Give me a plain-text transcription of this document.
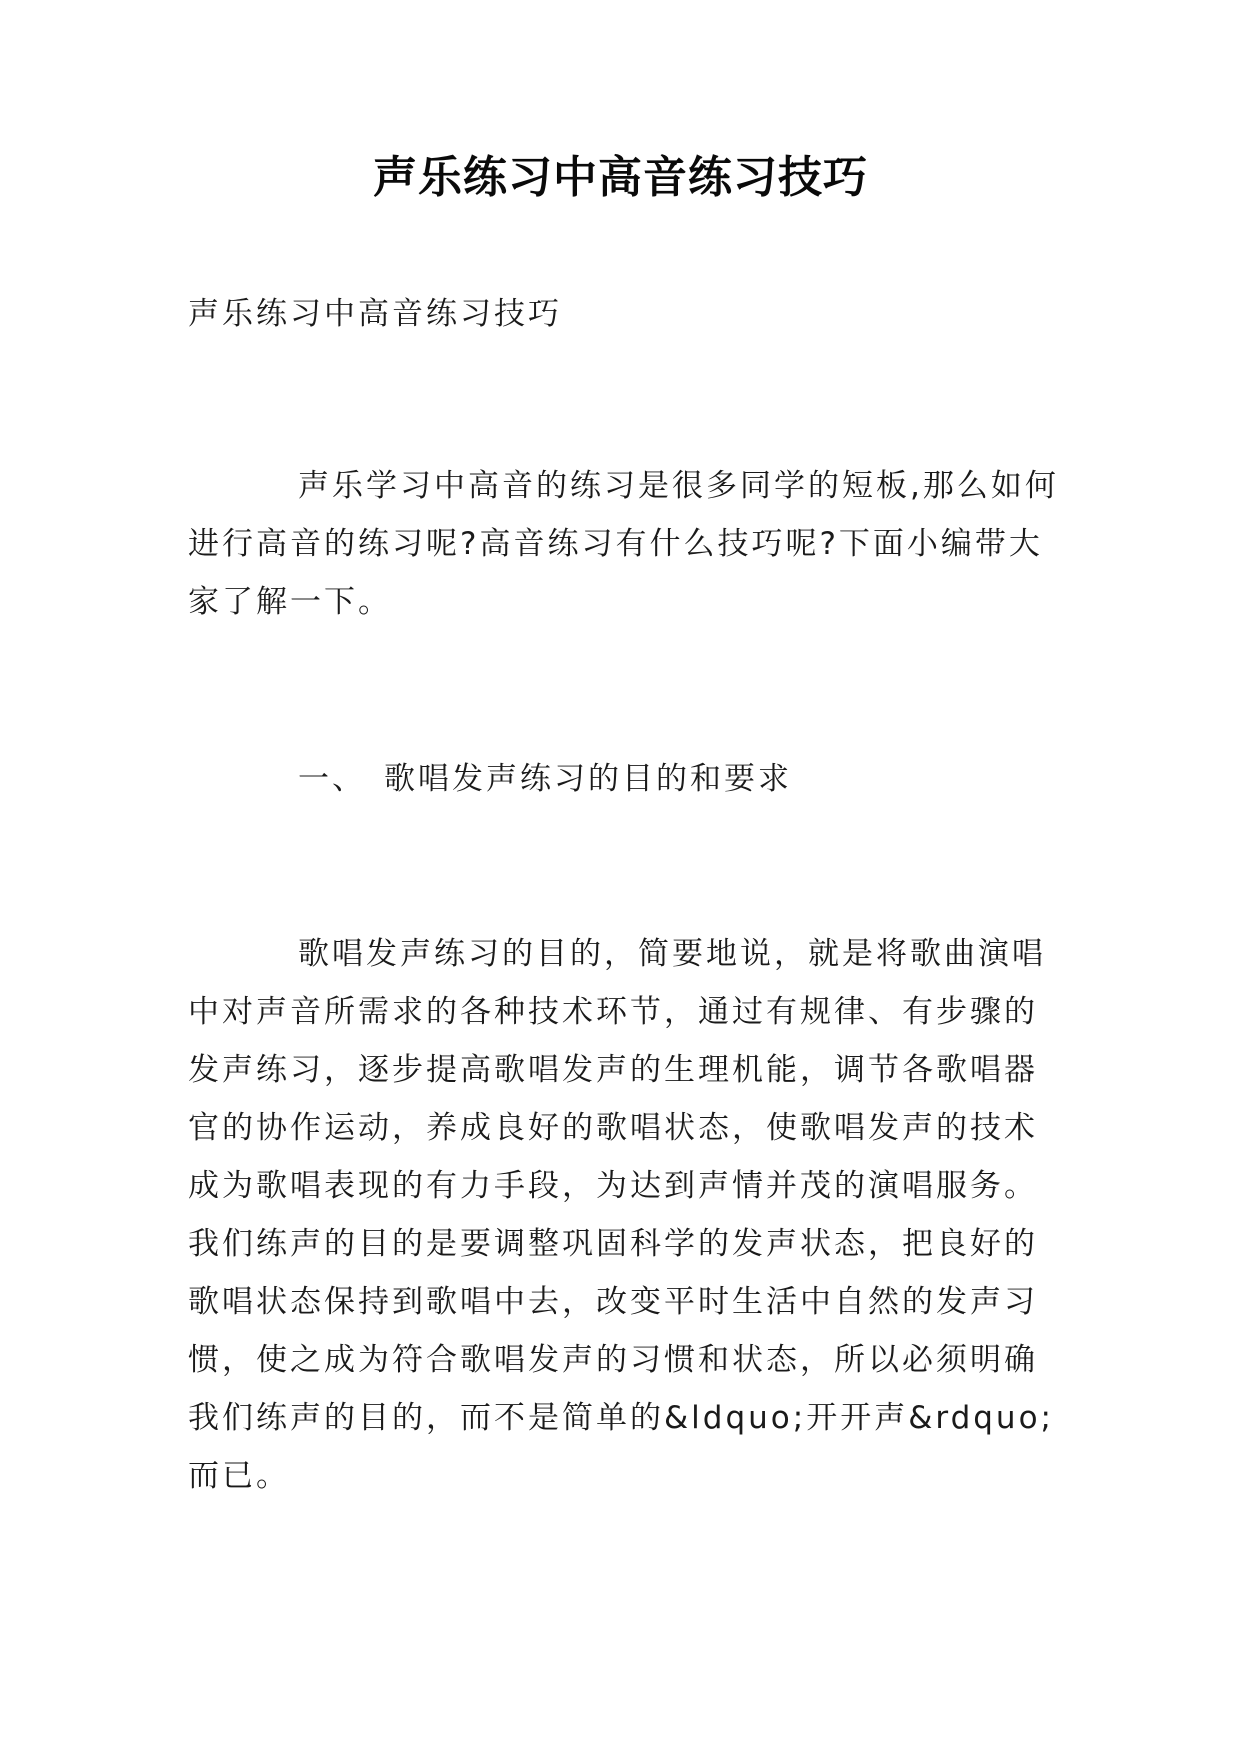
声乐练习中高音练习技巧
声乐练习中高音练习技巧
声乐学习中高音的练习是很多同学的短板,那么如何进行高音的练习呢?高音练习有什么技巧呢?下面小编带大家了解一下。
一、 歌唱发声练习的目的和要求
歌唱发声练习的目的，简要地说，就是将歌曲演唱中对声音所需求的各种技术环节，通过有规律、有步骤的发声练习，逐步提高歌唱发声的生理机能，调节各歌唱器官的协作运动，养成良好的歌唱状态，使歌唱发声的技术成为歌唱表现的有力手段，为达到声情并茂的演唱服务。我们练声的目的是要调整巩固科学的发声状态，把良好的歌唱状态保持到歌唱中去，改变平时生活中自然的发声习惯，使之成为符合歌唱发声的习惯和状态，所以必须明确我们练声的目的，而不是简单的&ldquo;开开声&rdquo; 而已。
